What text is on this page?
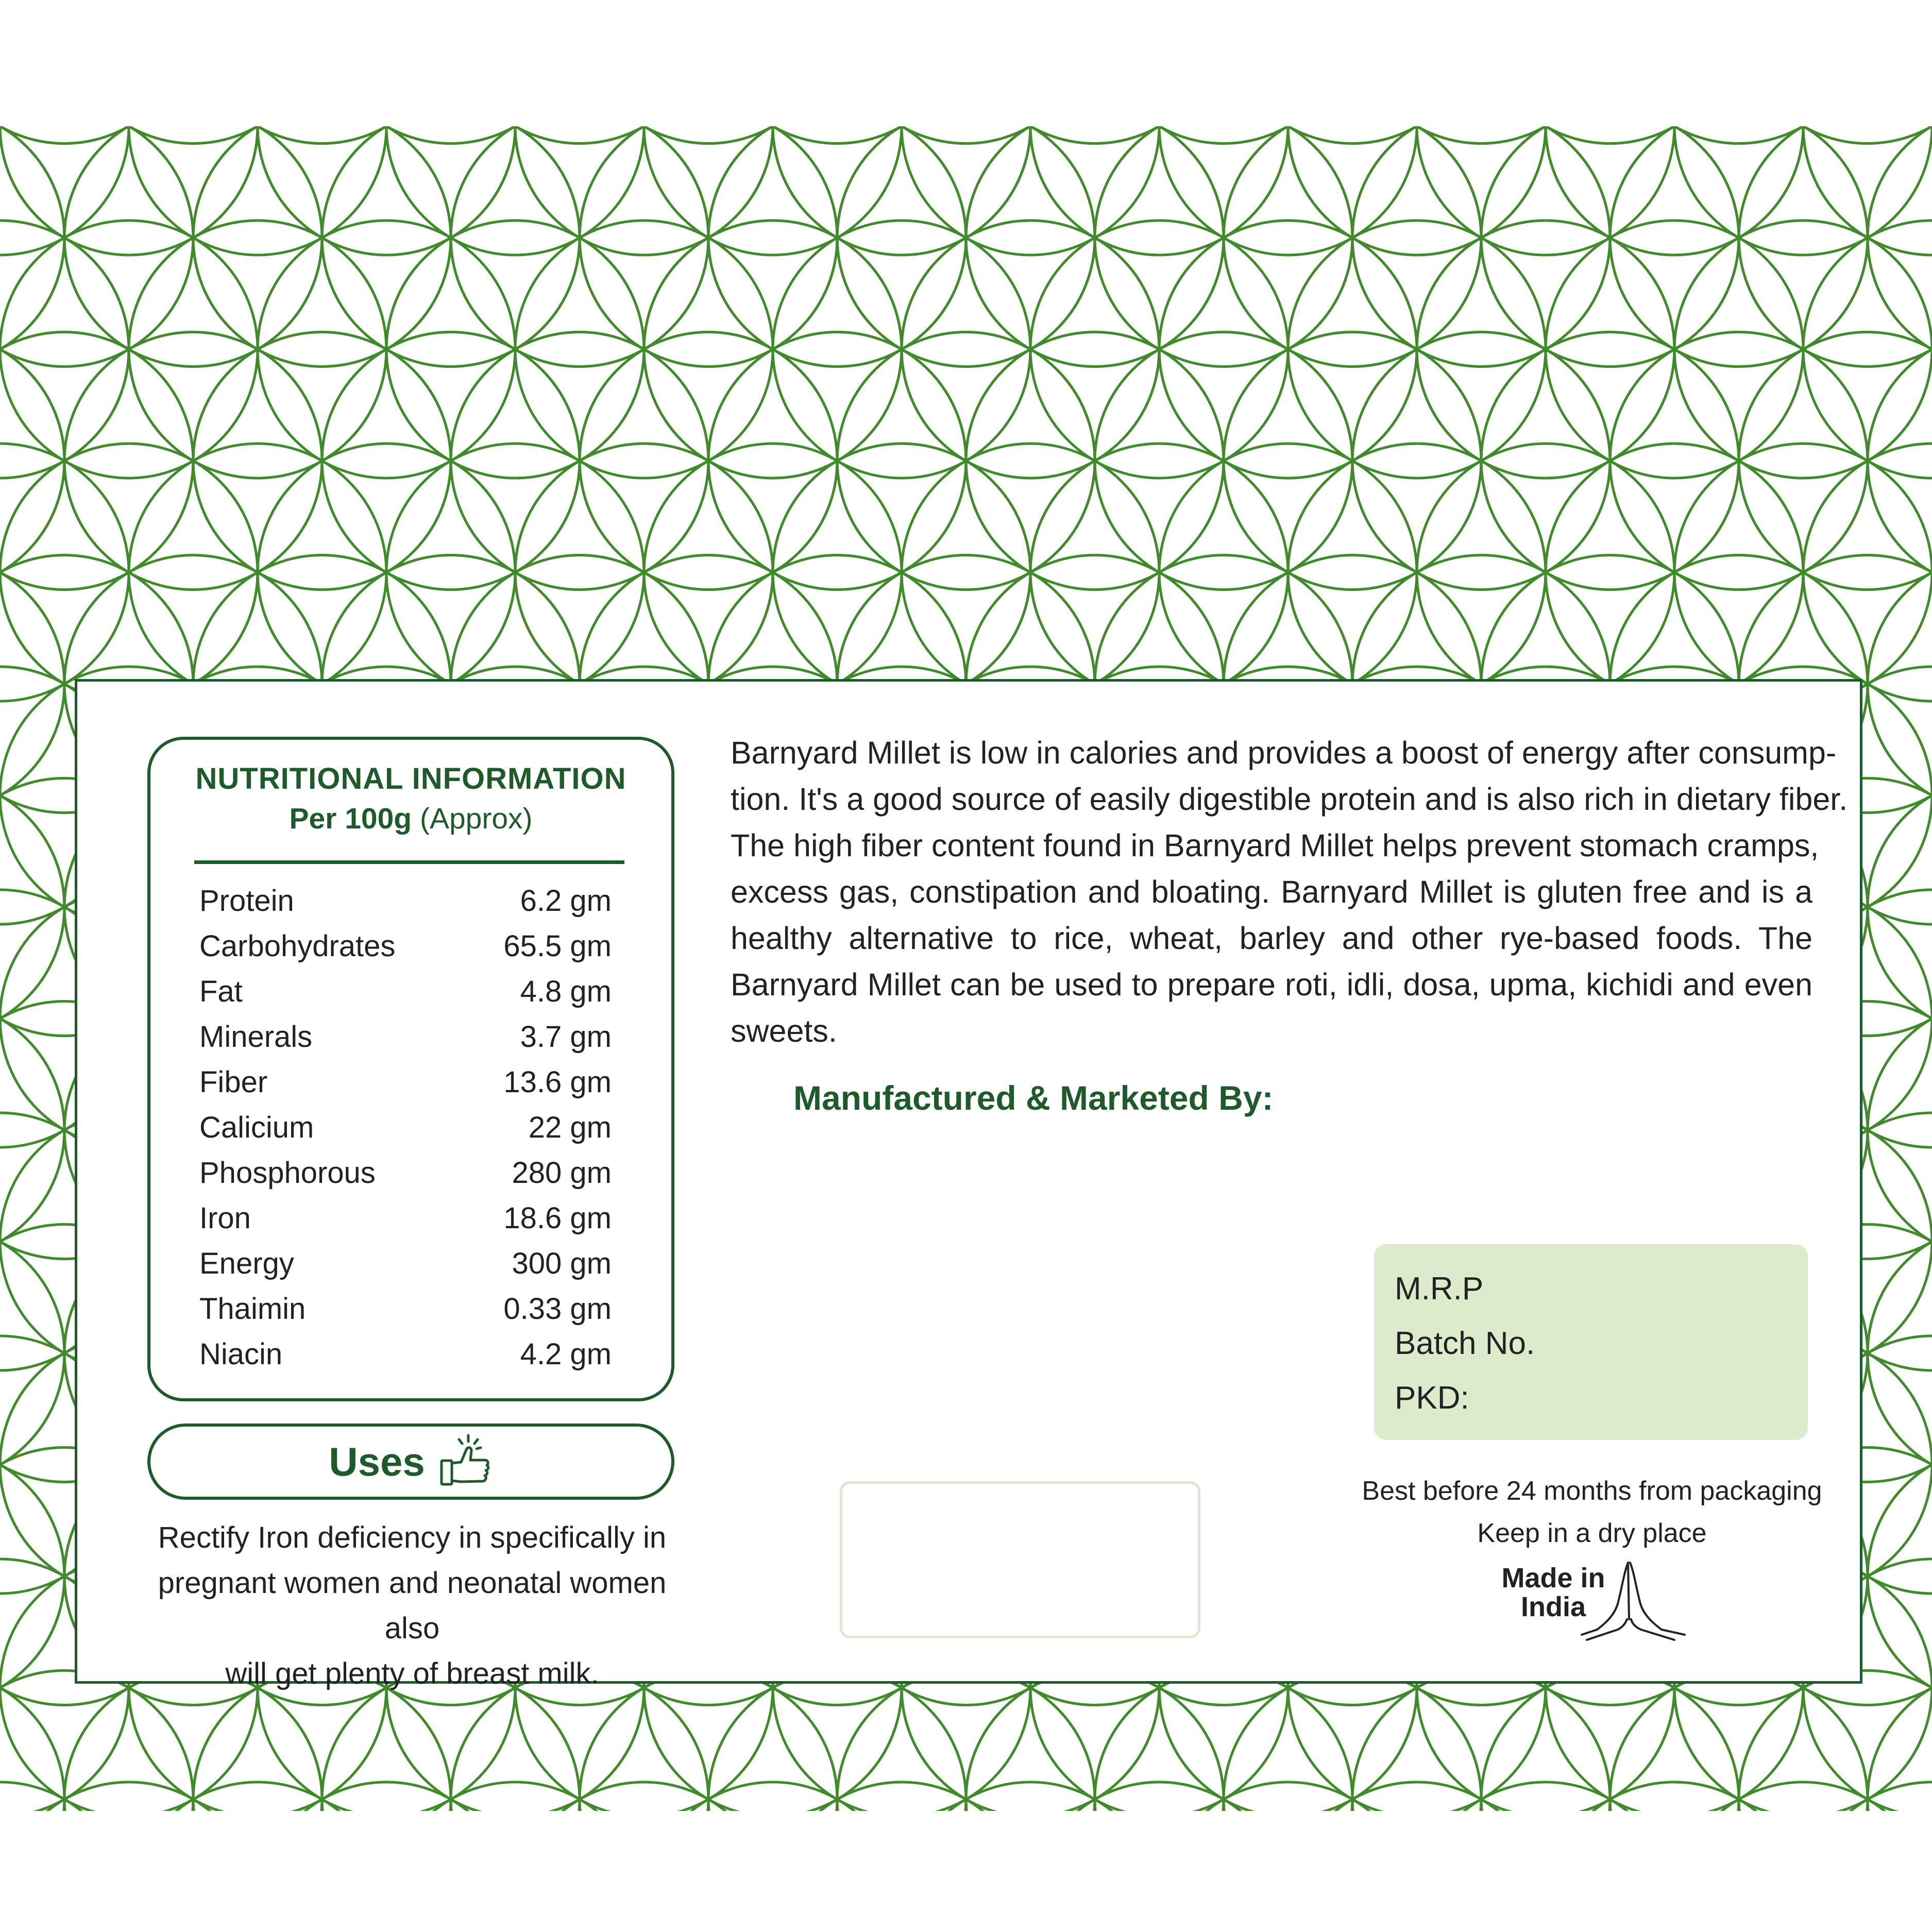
NUTRITIONAL INFORMATION
Per 100g (Approx)
Protein	6.2 gm
Carbohydrates	65.5 gm
Fat	4.8 gm
Minerals	3.7 gm
Fiber	13.6 gm
Calicium	22 gm
Phosphorous	280 gm
Iron	18.6 gm
Energy	300 gm
Thaimin	0.33 gm
Niacin	4.2 gm
Uses
Rectify Iron deficiency in specifically in
pregnant women and neonatal women also
will get plenty of breast milk.
Barnyard Millet is low in calories and provides a boost of energy after consump-
tion. It's a good source of easily digestible protein and is also rich in dietary fiber.
The high fiber content found in Barnyard Millet helps prevent stomach cramps,
excess gas, constipation and bloating. Barnyard Millet is gluten free and is a
healthy alternative to rice, wheat, barley and other rye-based foods. The
Barnyard Millet can be used to prepare roti, idli, dosa, upma, kichidi and even
sweets.
Manufactured & Marketed By:
M.R.P
Batch No.
PKD:
Best before 24 months from packaging
Keep in a dry place
Made in
India
